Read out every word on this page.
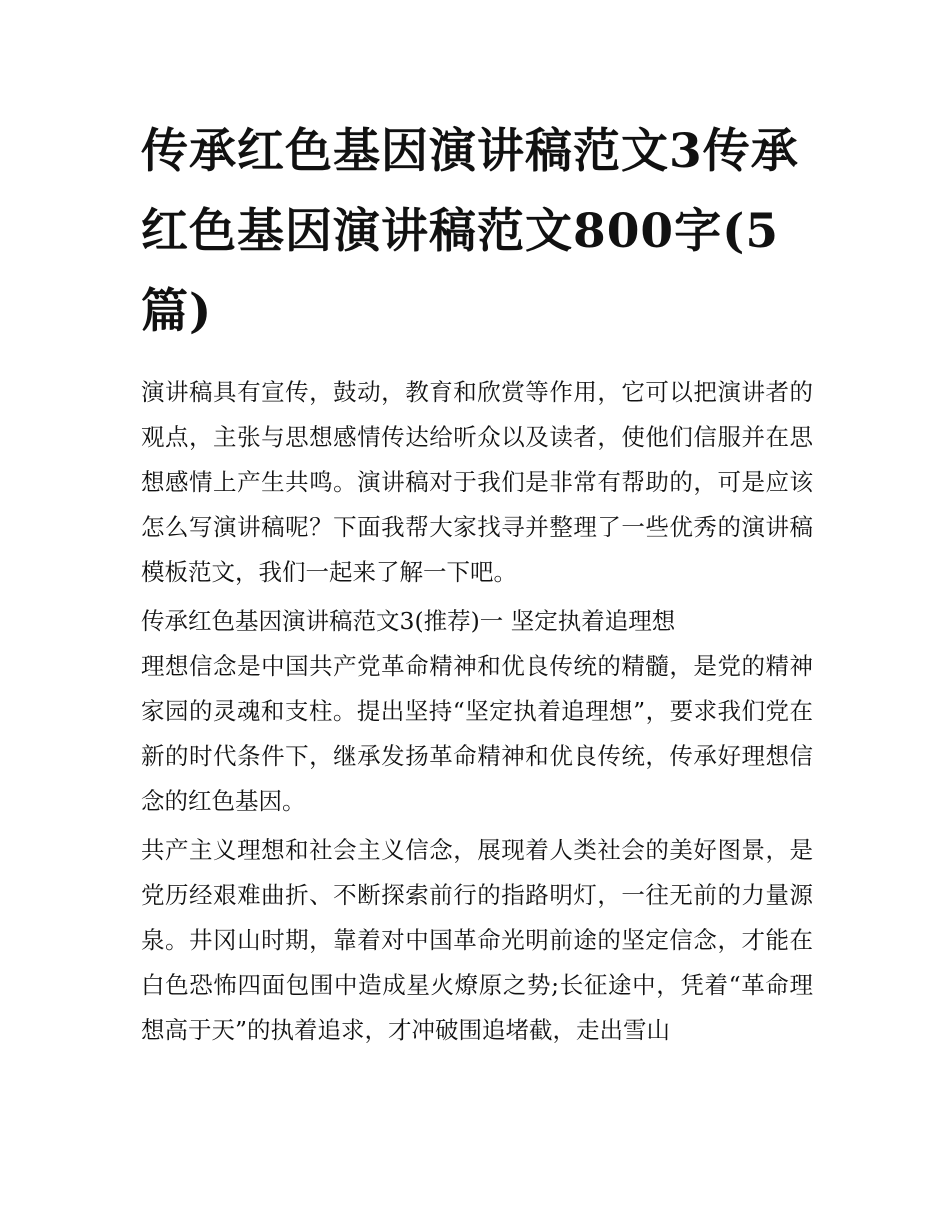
传承红色基因演讲稿范文3传承红色基因演讲稿范文800字(5篇)

演讲稿具有宣传，鼓动，教育和欣赏等作用，它可以把演讲者的观点，主张与思想感情传达给听众以及读者，使他们信服并在思想感情上产生共鸣。演讲稿对于我们是非常有帮助的，可是应该怎么写演讲稿呢？下面我帮大家找寻并整理了一些优秀的演讲稿模板范文，我们一起来了解一下吧。

传承红色基因演讲稿范文3(推荐)一 坚定执着追理想

理想信念是中国共产党革命精神和优良传统的精髓，是党的精神家园的灵魂和支柱。提出坚持“坚定执着追理想”，要求我们党在新的时代条件下，继承发扬革命精神和优良传统，传承好理想信念的红色基因。

共产主义理想和社会主义信念，展现着人类社会的美好图景，是党历经艰难曲折、不断探索前行的指路明灯，一往无前的力量源泉。井冈山时期，靠着对中国革命光明前途的坚定信念，才能在白色恐怖四面包围中造成星火燎原之势;长征途中，凭着“革命理想高于天”的执着追求，才冲破围追堵截，走出雪山
